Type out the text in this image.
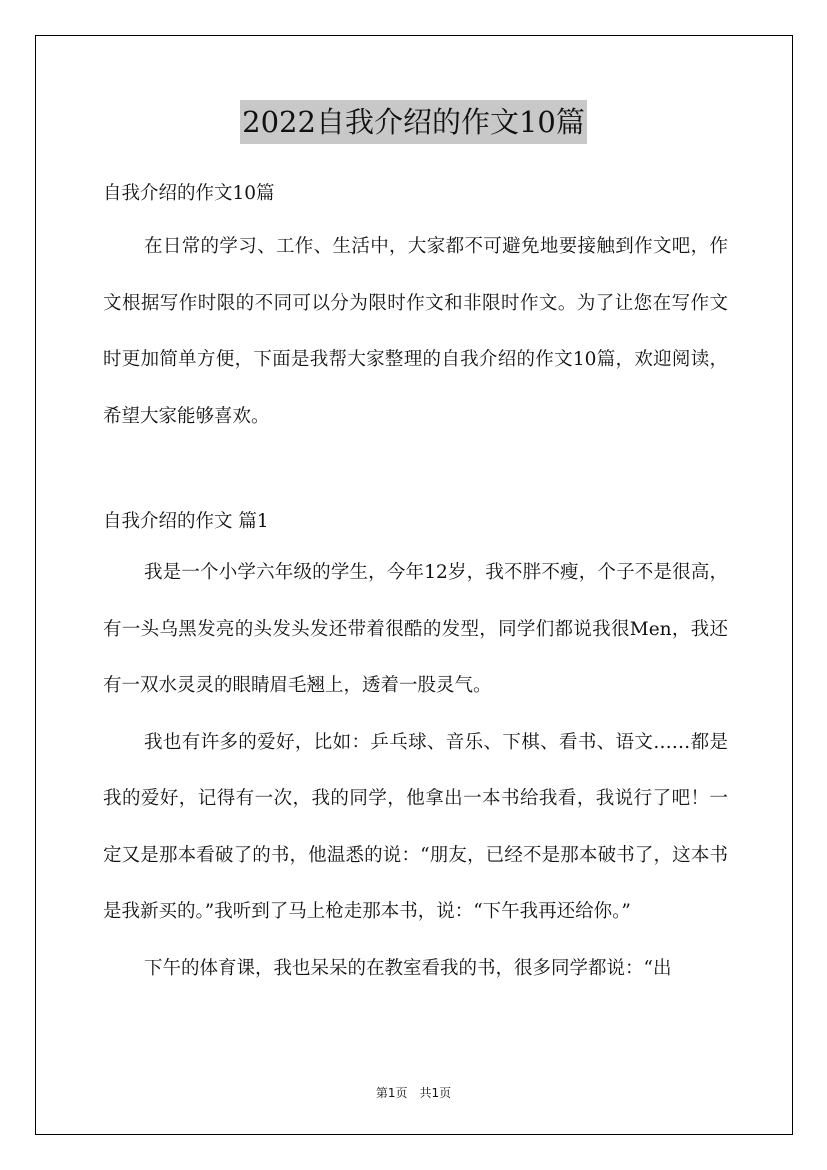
2022自我介绍的作文10篇
自我介绍的作文10篇

在日常的学习、工作、生活中，大家都不可避免地要接触到作文吧，作文根据写作时限的不同可以分为限时作文和非限时作文。为了让您在写作文时更加简单方便，下面是我帮大家整理的自我介绍的作文10篇，欢迎阅读，希望大家能够喜欢。

自我介绍的作文 篇1

我是一个小学六年级的学生，今年12岁，我不胖不瘦，个子不是很高，有一头乌黑发亮的头发头发还带着很酷的发型，同学们都说我很Men，我还有一双水灵灵的眼睛眉毛翘上，透着一股灵气。

我也有许多的爱好，比如：乒乓球、音乐、下棋、看书、语文……都是我的爱好，记得有一次，我的同学，他拿出一本书给我看，我说行了吧！一定又是那本看破了的书，他温悉的说：“朋友，已经不是那本破书了，这本书是我新买的。”我听到了马上枪走那本书，说：“下午我再还给你。”

下午的体育课，我也呆呆的在教室看我的书，很多同学都说：“出

第1页　共1页
